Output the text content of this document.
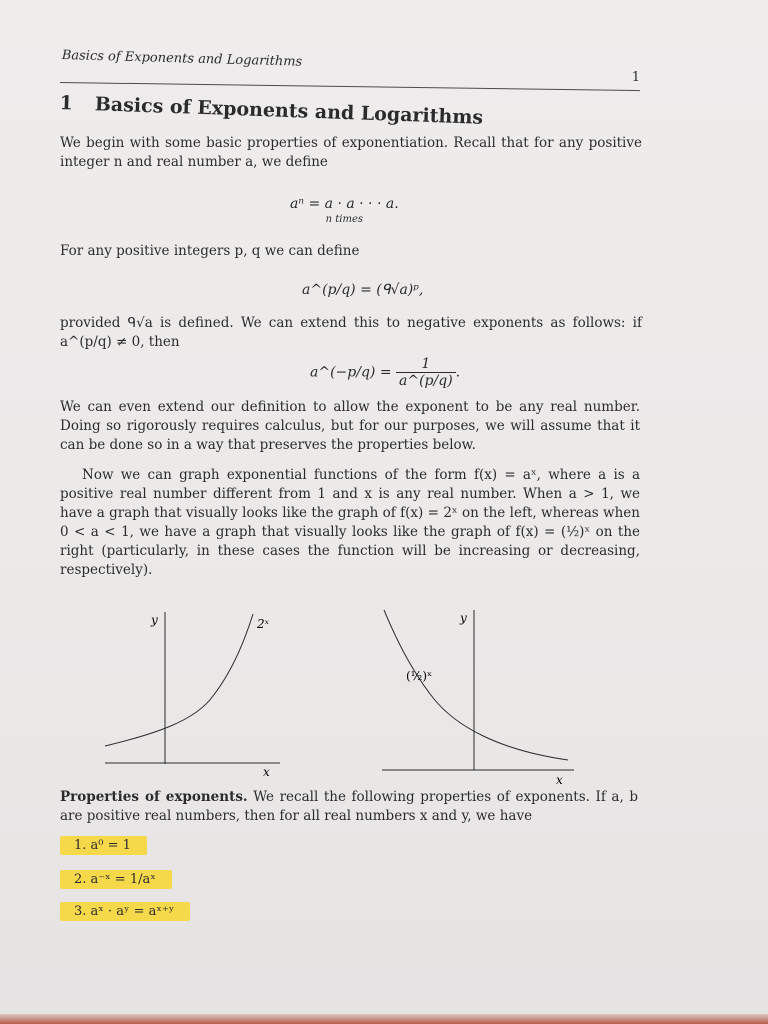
Basics of Exponents and Logarithms
1
1 Basics of Exponents and Logarithms
We begin with some basic properties of exponentiation. Recall that for any positive integer n and real number a, we define
aⁿ = a · a · · · a.
n times
For any positive integers p, q we can define
a^(p/q) = (ᑫ√a)ᵖ,
provided ᑫ√a is defined. We can extend this to negative exponents as follows: if a^(p/q) ≠ 0, then
a^(−p/q) = $\frac{1}{a\^{}(p/q)}$ .
We can even extend our definition to allow the exponent to be any real number. Doing so rigorously requires calculus, but for our purposes, we will assume that it can be done so in a way that preserves the properties below.
Now we can graph exponential functions of the form f(x) = aˣ, where a is a positive real number different from 1 and x is any real number. When a > 1, we have a graph that visually looks like the graph of f(x) = 2ˣ on the left, whereas when 0 < a < 1, we have a graph that visually looks like the graph of f(x) = (½)ˣ on the right (particularly, in these cases the function will be increasing or decreasing, respectively).
y	2ˣ
x
y
(½)ˣ
x
Properties of exponents. We recall the following properties of exponents. If a, b are positive real numbers, then for all real numbers x and y, we have
1. a⁰ = 1
2. a⁻ˣ = 1/aˣ
3. aˣ · aʸ = aˣ⁺ʸ
